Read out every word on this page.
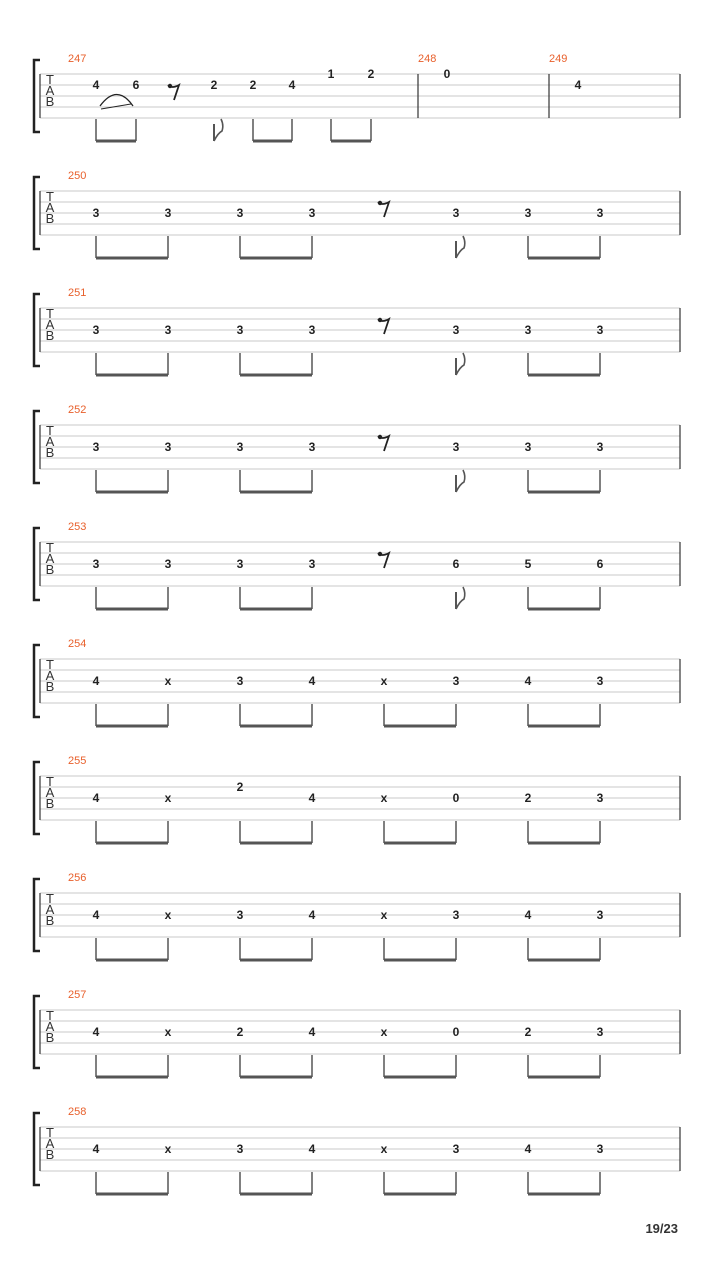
T
A
B
247
4	6	2	2	4
1	2
248	249
0
4
T
A
B
250
3	3	3	3	3	3	3
T
A
B
251
3	3	3	3	3	3	3
T
A
B
252
3	3	3	3	3	3	3
T
A
B
253
3	3	3	3	6	5	6
T
A
B
254
4	x	3	4	x	3	4	3
T
A
B
255
4	x
2
4	x	0	2	3
T
A
B
256
4	x	3	4	x	3	4	3
T
A
B
257
4	x	2	4	x	0	2	3
T
A
B
258
4	x	3	4	x	3	4	3
19/23
